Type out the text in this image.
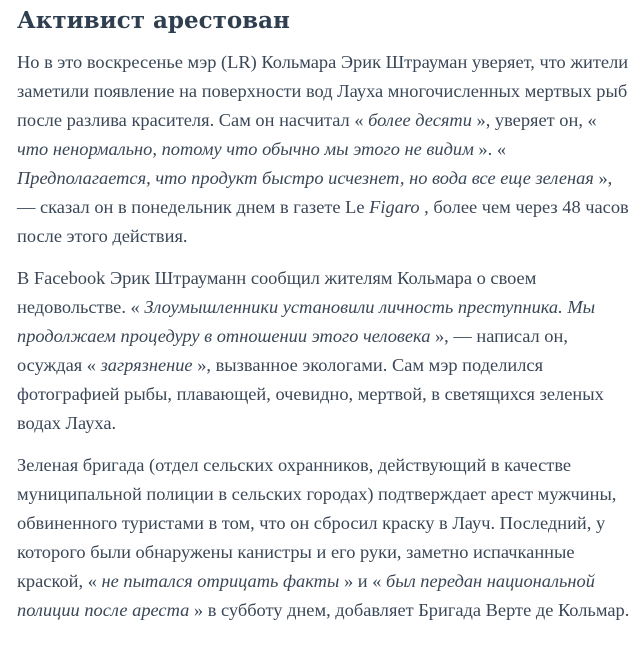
Активист арестован

Но в это воскресенье мэр (LR) Кольмара Эрик Штрауман уверяет, что жители заметили появление на поверхности вод Лауха многочисленных мертвых рыб после разлива красителя. Сам он насчитал « более десяти », уверяет он, « что ненормально, потому что обычно мы этого не видим ». « Предполагается, что продукт быстро исчезнет, но вода все еще зеленая », — сказал он в понедельник днем в газете Le Figaro , более чем через 48 часов после этого действия.

В Facebook Эрик Штрауманн сообщил жителям Кольмара о своем недовольстве. « Злоумышленники установили личность преступника. Мы продолжаем процедуру в отношении этого человека », — написал он, осуждая « загрязнение », вызванное экологами. Сам мэр поделился фотографией рыбы, плавающей, очевидно, мертвой, в светящихся зеленых водах Лауха.

Зеленая бригада (отдел сельских охранников, действующий в качестве муниципальной полиции в сельских городах) подтверждает арест мужчины, обвиненного туристами в том, что он сбросил краску в Лауч. Последний, у которого были обнаружены канистры и его руки, заметно испачканные краской, « не пытался отрицать факты » и « был передан национальной полиции после ареста » в субботу днем, добавляет Бригада Верте де Кольмар.
